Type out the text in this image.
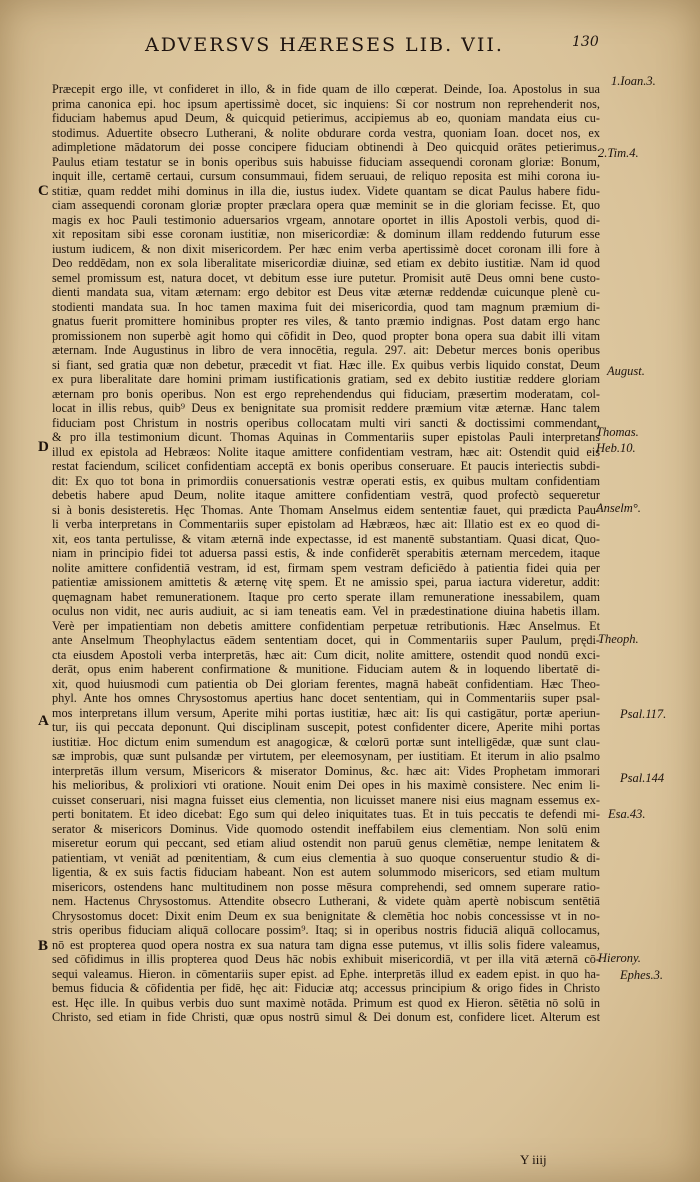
ADVERSVS HÆRESES LIB. VII.	130
Præcepit ergo ille, vt confideret in illo, & in fide quam de illo cœperat. Deinde, Ioa. Apostolus in sua
prima canonica epi. hoc ipsum apertissimè docet, sic inquiens: Si cor nostrum non reprehenderit nos,
fiduciam habemus apud Deum, & quicquid petierimus, accipiemus ab eo, quoniam mandata eius cu-
stodimus. Aduertite obsecro Lutherani, & nolite obdurare corda vestra, quoniam Ioan. docet nos, ex
adimpletione mādatorum dei posse concipere fiduciam obtinendi à Deo quicquid orātes petierimus.
Paulus etiam testatur se in bonis operibus suis habuisse fiduciam assequendi coronam gloriæ: Bonum,
inquit ille, certamē certaui, cursum consummaui, fidem seruaui, de reliquo reposita est mihi corona iu-
stitiæ, quam reddet mihi dominus in illa die, iustus iudex. Videte quantam se dicat Paulus habere fidu-
ciam assequendi coronam gloriæ propter præclara opera quæ meminit se in die gloriam fecisse. Et, quo
magis ex hoc Pauli testimonio aduersarios vrgeam, annotare oportet in illis Apostoli verbis, quod di-
xit repositam sibi esse coronam iustitiæ, non misericordiæ: & dominum illam reddendo futurum esse
iustum iudicem, & non dixit misericordem. Per hæc enim verba apertissimè docet coronam illi fore à
Deo reddēdam, non ex sola liberalitate misericordiæ diuinæ, sed etiam ex debito iustitiæ. Nam id quod
semel promissum est, natura docet, vt debitum esse iure putetur. Promisit autē Deus omni bene custo-
dienti mandata sua, vitam æternam: ergo debitor est Deus vitæ æternæ reddendæ cuicunque plenè cu-
stodienti mandata sua. In hoc tamen maxima fuit dei misericordia, quod tam magnum præmium di-
gnatus fuerit promittere hominibus propter res viles, & tanto præmio indignas. Post datam ergo hanc
promissionem non superbè agit homo qui cōfidit in Deo, quod propter bona opera sua dabit illi vitam
æternam. Inde Augustinus in libro de vera innocētia, regula. 297. ait: Debetur merces bonis operibus
si fiant, sed gratia quæ non debetur, præcedit vt fiat. Hæc ille. Ex quibus verbis liquido constat, Deum
ex pura liberalitate dare homini primam iustificationis gratiam, sed ex debito iustitiæ reddere gloriam
æternam pro bonis operibus. Non est ergo reprehendendus qui fiduciam, præsertim moderatam, col-
locat in illis rebus, quib⁹ Deus ex benignitate sua promisit reddere præmium vitæ æternæ. Hanc talem
fiduciam post Christum in nostris operibus collocatam multi viri sancti & doctissimi commendant,
& pro illa testimonium dicunt. Thomas Aquinas in Commentariis super epistolas Pauli interpretans
illud ex epistola ad Hebræos: Nolite itaque amittere confidentiam vestram, hæc ait: Ostendit quid eis
restat faciendum, scilicet confidentiam acceptā ex bonis operibus conseruare. Et paucis interiectis subdi-
dit: Ex quo tot bona in primordiis conuersationis vestræ operati estis, ex quibus multam confidentiam
debetis habere apud Deum, nolite itaque amittere confidentiam vestrā, quod profectò sequeretur
si à bonis desisteretis. Hęc Thomas. Ante Thomam Anselmus eidem sententiæ fauet, qui prædicta Pau-
li verba interpretans in Commentariis super epistolam ad Hæbræos, hæc ait: Illatio est ex eo quod di-
xit, eos tanta pertulisse, & vitam æternā inde expectasse, id est manentē substantiam. Quasi dicat, Quo-
niam in principio fidei tot aduersa passi estis, & inde confiderēt sperabitis æternam mercedem, itaque
nolite amittere confidentiā vestram, id est, firmam spem vestram deficiēdo à patientia fidei quia per
patientiæ amissionem amittetis & æternę vitę spem. Et ne amissio spei, parua iactura videretur, addit:
quęmagnam habet remunerationem. Itaque pro certo sperate illam remuneratione inessabilem, quam
oculus non vidit, nec auris audiuit, ac si iam teneatis eam. Vel in prædestinatione diuina habetis illam.
Verè per impatientiam non debetis amittere confidentiam perpetuæ retributionis. Hæc Anselmus. Et
ante Anselmum Theophylactus eādem sententiam docet, qui in Commentariis super Paulum, prędi-
cta eiusdem Apostoli verba interpretās, hæc ait: Cum dicit, nolite amittere, ostendit quod nondū exci-
derāt, opus enim haberent confirmatione & munitione. Fiduciam autem & in loquendo libertatē di-
xit, quod huiusmodi cum patientia ob Dei gloriam ferentes, magnā habeāt confidentiam. Hæc Theo-
phyl. Ante hos omnes Chrysostomus apertius hanc docet sententiam, qui in Commentariis super psal-
mos interpretans illum versum, Aperite mihi portas iustitiæ, hæc ait: Iis qui castigātur, portæ aperiun-
tur, iis qui peccata deponunt. Qui disciplinam suscepit, potest confidenter dicere, Aperite mihi portas
iustitiæ. Hoc dictum enim sumendum est anagogicæ, & cœlorū portæ sunt intelligēdæ, quæ sunt clau-
sæ improbis, quæ sunt pulsandæ per virtutem, per eleemosynam, per iustitiam. Et iterum in alio psalmo
interpretās illum versum, Misericors & miserator Dominus, &c. hæc ait: Vides Prophetam immorari
his melioribus, & prolixiori vti oratione. Nouit enim Dei opes in his maximè consistere. Nec enim li-
cuisset conseruari, nisi magna fuisset eius clementia, non licuisset manere nisi eius magnam essemus ex-
perti bonitatem. Et ideo dicebat: Ego sum qui deleo iniquitates tuas. Et in tuis peccatis te defendi mi-
serator & misericors Dominus. Vide quomodo ostendit ineffabilem eius clementiam. Non solū enim
miseretur eorum qui peccant, sed etiam aliud ostendit non paruū genus clemētiæ, nempe lenitatem &
patientiam, vt veniāt ad pœnitentiam, & cum eius clementia à suo quoque conseruentur studio & di-
ligentia, & ex suis factis fiduciam habeant. Non est autem solummodo misericors, sed etiam multum
misericors, ostendens hanc multitudinem non posse mēsura comprehendi, sed omnem superare ratio-
nem. Hactenus Chrysostomus. Attendite obsecro Lutherani, & videte quàm apertè nobiscum sentētiā
Chrysostomus docet: Dixit enim Deum ex sua benignitate & clemētia hoc nobis concessisse vt in no-
stris operibus fiduciam aliquā collocare possim⁹. Itaq; si in operibus nostris fiduciā aliquā collocamus,
nō est propterea quod opera nostra ex sua natura tam digna esse putemus, vt illis solis fidere valeamus,
sed cōfidimus in illis propterea quod Deus hāc nobis exhibuit misericordiā, vt per illa vitā æternā cō-
sequi valeamus. Hieron. in cōmentariis super epist. ad Ephe. interpretās illud ex eadem epist. in quo ha-
bemus fiducia & cōfidentia per fidē, hęc ait: Fiduciæ atq; accessus principium & origo fides in Christo
est. Hęc ille. In quibus verbis duo sunt maximè notāda. Primum est quod ex Hieron. sētētia nō solū in
Christo, sed etiam in fide Christi, quæ opus nostrū simul & Dei donum est, confidere licet. Alterum est
1.Ioan.3.
2.Tim.4.
August.
Thomas.
Heb.10.
Anselm°.
Theoph.
Psal.117.
Psal.144
Esa.43.
Hierony.
Ephes.3.
C
D
A
B
Y iiij
